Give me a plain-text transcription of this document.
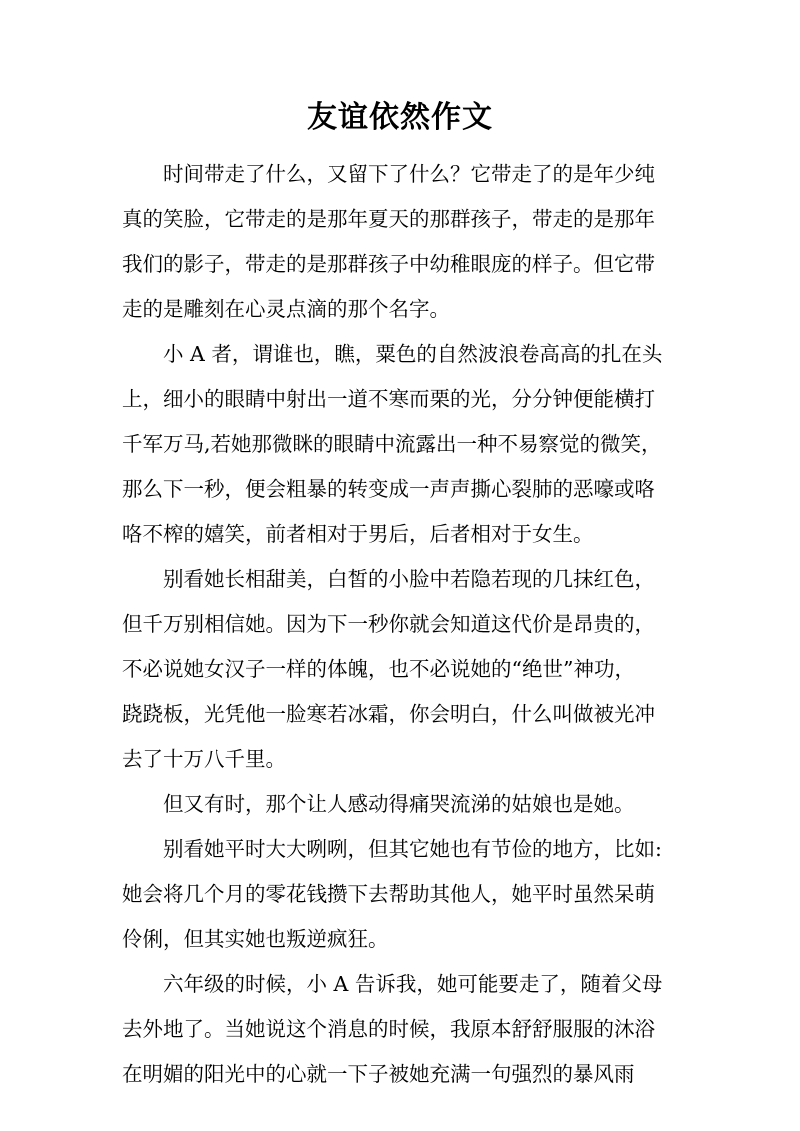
友谊依然作文
时间带走了什么，又留下了什么？它带走了的是年少纯
真的笑脸，它带走的是那年夏天的那群孩子，带走的是那年
我们的影子，带走的是那群孩子中幼稚眼庞的样子。但它带
走的是雕刻在心灵点滴的那个名字。
小 A 者，谓谁也，瞧，粟色的自然波浪卷高高的扎在头
上，细小的眼睛中射出一道不寒而栗的光，分分钟便能横打
千军万马,若她那微眯的眼睛中流露出一种不易察觉的微笑，
那么下一秒，便会粗暴的转变成一声声撕心裂肺的恶嚎或咯
咯不榨的嬉笑，前者相对于男后，后者相对于女生。
别看她长相甜美，白皙的小脸中若隐若现的几抹红色，
但千万别相信她。因为下一秒你就会知道这代价是昂贵的，
不必说她女汉子一样的体魄，也不必说她的“绝世”神功，
跷跷板，光凭他一脸寒若冰霜，你会明白，什么叫做被光冲
去了十万八千里。
但又有时，那个让人感动得痛哭流涕的姑娘也是她。
别看她平时大大咧咧，但其它她也有节俭的地方，比如:
她会将几个月的零花钱攒下去帮助其他人，她平时虽然呆萌
伶俐，但其实她也叛逆疯狂。
六年级的时候，小 A 告诉我，她可能要走了，随着父母
去外地了。当她说这个消息的时候，我原本舒舒服服的沐浴
在明媚的阳光中的心就一下子被她充满一句强烈的暴风雨
